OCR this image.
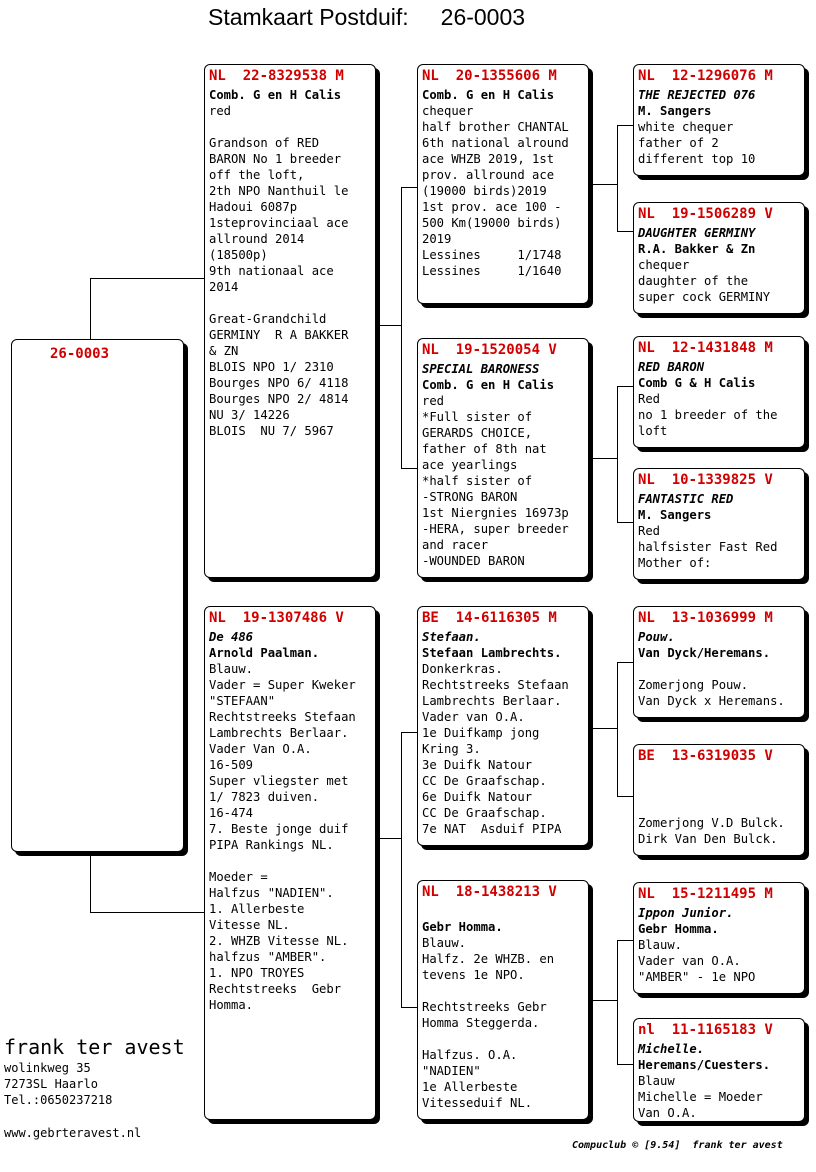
Stamkaart Postduif:     26-0003
26-0003
NL  22-8329538 M
Comb. G en H Calis
red
Grandson of RED
BARON No 1 breeder
off the loft,
2th NPO Nanthuil le
Hadoui 6087p
1steprovinciaal ace
allround 2014
(18500p)
9th nationaal ace
2014
Great-Grandchild
GERMINY  R A BAKKER
& ZN
BLOIS NPO 1/ 2310
Bourges NPO 6/ 4118
Bourges NPO 2/ 4814
NU 3/ 14226
BLOIS  NU 7/ 5967
NL  19-1307486 V
De 486
Arnold Paalman.
Blauw.
Vader = Super Kweker
"STEFAAN"
Rechtstreeks Stefaan
Lambrechts Berlaar.
Vader Van O.A.
16-509
Super vliegster met
1/ 7823 duiven.
16-474
7. Beste jonge duif
PIPA Rankings NL.
Moeder =
Halfzus "NADIEN".
1. Allerbeste
Vitesse NL.
2. WHZB Vitesse NL.
halfzus "AMBER".
1. NPO TROYES
Rechtstreeks  Gebr
Homma.
NL  20-1355606 M
Comb. G en H Calis
chequer
half brother CHANTAL
6th national alround
ace WHZB 2019, 1st
prov. allround ace
(19000 birds)2019
1st prov. ace 100 -
500 Km(19000 birds)
2019
Lessines     1/1748
Lessines     1/1640
NL  19-1520054 V
SPECIAL BARONESS
Comb. G en H Calis
red
*Full sister of
GERARDS CHOICE,
father of 8th nat
ace yearlings
*half sister of
-STRONG BARON
1st Niergnies 16973p
-HERA, super breeder
and racer
-WOUNDED BARON
BE  14-6116305 M
Stefaan.
Stefaan Lambrechts.
Donkerkras.
Rechtstreeks Stefaan
Lambrechts Berlaar.
Vader van O.A.
1e Duifkamp jong
Kring 3.
3e Duifk Natour
CC De Graafschap.
6e Duifk Natour
CC De Graafschap.
7e NAT  Asduif PIPA
NL  18-1438213 V
Gebr Homma.
Blauw.
Halfz. 2e WHZB. en
tevens 1e NPO.
Rechtstreeks Gebr
Homma Steggerda.
Halfzus. O.A.
"NADIEN"
1e Allerbeste
Vitesseduif NL.
NL  12-1296076 M
THE REJECTED 076
M. Sangers
white chequer
father of 2
different top 10
NL  19-1506289 V
DAUGHTER GERMINY
R.A. Bakker & Zn
chequer
daughter of the
super cock GERMINY
NL  12-1431848 M
RED BARON
Comb G & H Calis
Red
no 1 breeder of the
loft
NL  10-1339825 V
FANTASTIC RED
M. Sangers
Red
halfsister Fast Red
Mother of:
NL  13-1036999 M
Pouw.
Van Dyck/Heremans.
Zomerjong Pouw.
Van Dyck x Heremans.
BE  13-6319035 V
Zomerjong V.D Bulck.
Dirk Van Den Bulck.
NL  15-1211495 M
Ippon Junior.
Gebr Homma.
Blauw.
Vader van O.A.
"AMBER" - 1e NPO
nl  11-1165183 V
Michelle.
Heremans/Cuesters.
Blauw
Michelle = Moeder
Van O.A.
frank ter avest
wolinkweg 35
7273SL Haarlo
Tel.:0650237218
www.gebrteravest.nl
Compuclub © [9.54]  frank ter avest
